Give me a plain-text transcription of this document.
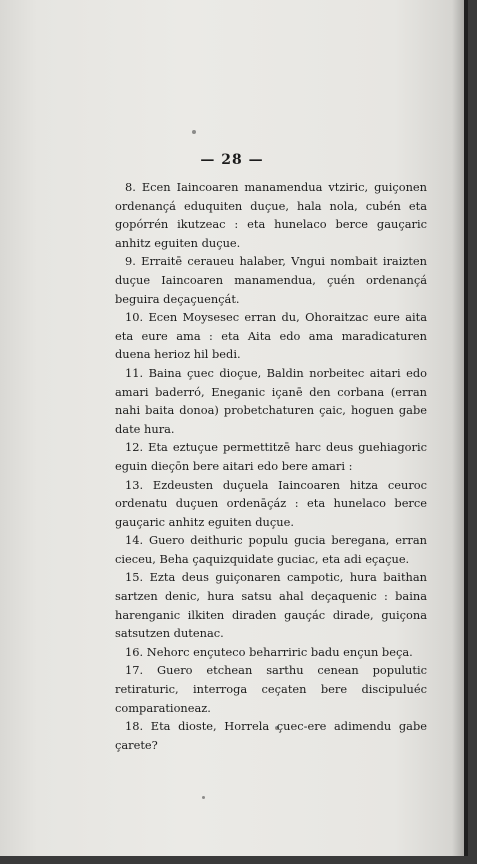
— 28 —

8. Ecen Iaincoaren manamendua vtziric, guiçonen ordenançá eduquiten duçue, hala nola, cubén eta gopórrén ikutzeac : eta hunelaco berce gauçaric anhitz eguiten duçue.

9. Erraitē ceraueu halaber, Vngui nombait iraizten duçue Iaincoaren manamendua, çuén ordenançá beguira deçaçuençát.

10. Ecen Moysesec erran du, Ohoraitzac eure aita eta eure ama : eta Aita edo ama maradicaturen duena herioz hil bedi.

11. Baina çuec dioçue, Baldin norbeitec aitari edo amari baderró, Eneganic içanē den corbana (erran nahi baita donoa) probetchaturen çaic, hoguen gabe date hura.

12. Eta eztuçue permettitzē harc deus guehiagoric eguin dieçōn bere aitari edo bere amari :

13. Ezdeusten duçuela Iaincoaren hitza ceuroc ordenatu duçuen ordenāçáz : eta hunelaco berce gauçaric anhitz eguiten duçue.

14. Guero deithuric populu gucia beregana, erran cieceu, Beha çaquizquidate guciac, eta adi eçaçue.

15. Ezta deus guiçonaren campotic, hura baithan sartzen denic, hura satsu ahal deçaquenic : baina harenganic ilkiten diraden gauçác dirade, guiçona satsutzen dutenac.

16. Nehorc ençuteco beharriric badu ençun beça.

17. Guero etchean sarthu cenean populutic retiraturic, interroga ceçaten bere discipuluéc comparationeaz.

18. Eta dioste, Horrela çuec-ere adimendu gabe çarete?
